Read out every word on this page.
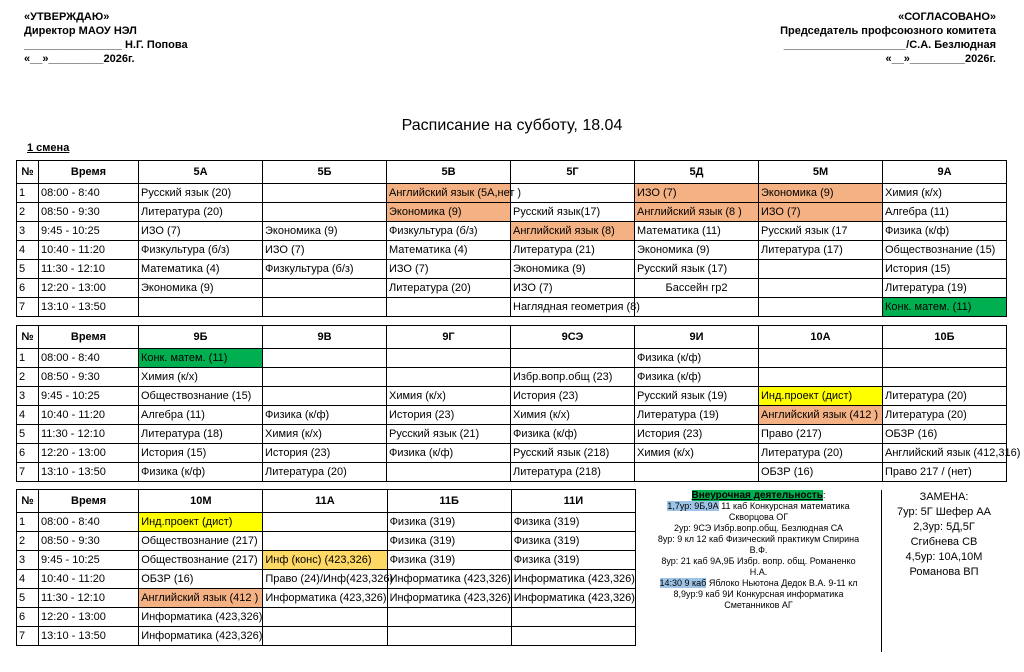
«УТВЕРЖДАЮ»
Директор МАОУ НЭЛ
________________ Н.Г. Попова
«__»_________2026г.
«СОГЛАСОВАНО»
Председатель профсоюзного комитета
____________________/С.А. Безлюдная
«__»_________2026г.
Расписание на субботу, 18.04
1 смена
№	Время	5А	5Б	5В	5Г	5Д	5М	9А
1	08:00 - 8:40	Русский язык (20)		Английский язык (5А,нет )		ИЗО (7)	Экономика (9)	Химия (к/х)
2	08:50 - 9:30	Литература (20)		Экономика (9)	Русский язык(17)	Английский язык (8 )	ИЗО (7)	Алгебра (11)
3	9:45 - 10:25	ИЗО (7)	Экономика (9)	Физкультура (б/з)	Английский язык (8)	Математика (11)	Русский язык (17	Физика (к/ф)
4	10:40 - 11:20	Физкультура (б/з)	ИЗО (7)	Математика (4)	Литература (21)	Экономика (9)	Литература (17)	Обществознание (15)
5	11:30 - 12:10	Математика (4)	Физкультура (б/з)	ИЗО (7)	Экономика (9)	Русский язык (17)		История (15)
6	12:20 - 13:00	Экономика (9)		Литература (20)	ИЗО (7)	Бассейн гр2		Литература (19)
7	13:10 - 13:50				Наглядная геометрия (8)			Конк. матем. (11)
№	Время	9Б	9В	9Г	9СЭ	9И	10А	10Б
1	08:00 - 8:40	Конк. матем. (11)				Физика (к/ф)		
2	08:50 - 9:30	Химия (к/х)			Избр.вопр.общ (23)	Физика (к/ф)		
3	9:45 - 10:25	Обществознание (15)		Химия (к/х)	История (23)	Русский язык (19)	Инд.проект (дист)	Литература (20)
4	10:40 - 11:20	Алгебра (11)	Физика (к/ф)	История (23)	Химия (к/х)	Литература (19)	Английский язык (412 )	Литература (20)
5	11:30 - 12:10	Литература (18)	Химия (к/х)	Русский язык (21)	Физика (к/ф)	История (23)	Право (217)	ОБЗР (16)
6	12:20 - 13:00	История (15)	История (23)	Физика (к/ф)	Русский язык (218)	Химия (к/х)	Литература (20)	Английский язык (412,316)
7	13:10 - 13:50	Физика (к/ф)	Литература (20)		Литература (218)		ОБЗР (16)	Право 217 / (нет)
№	Время	10М	11А	11Б	11И
1	08:00 - 8:40	Инд.проект (дист)		Физика (319)	Физика (319)
2	08:50 - 9:30	Обществознание (217)		Физика (319)	Физика (319)
3	9:45 - 10:25	Обществознание (217)	Инф (конс) (423,326)	Физика (319)	Физика (319)
4	10:40 - 11:20	ОБЗР (16)	Право (24)/Инф(423,326)	Информатика (423,326)	Информатика (423,326)
5	11:30 - 12:10	Английский язык (412 )	Информатика (423,326)	Информатика (423,326)	Информатика (423,326)
6	12:20 - 13:00	Информатика (423,326)			
7	13:10 - 13:50	Информатика (423,326)			
Внеурочная деятельность:
1,7ур: 9Б,9А 11 каб Конкурсная математика
Скворцова ОГ
2ур: 9СЭ Избр.вопр.общ. Безлюдная СА
8ур: 9 кл 12 каб Физический практикум Спирина
В.Ф.
8ур: 21 каб 9А,9Б Избр. вопр. общ. Романенко
Н.А.
14:30 9 каб Яблоко Ньютона Дедок В.А. 9-11 кл
8,9ур:9 каб 9И Конкурсная информатика
Сметанников АГ
ЗАМЕНА:
7ур: 5Г Шефер АА
2,3ур: 5Д,5Г
Сгибнева СВ
4,5ур: 10А,10М
Романова ВП
